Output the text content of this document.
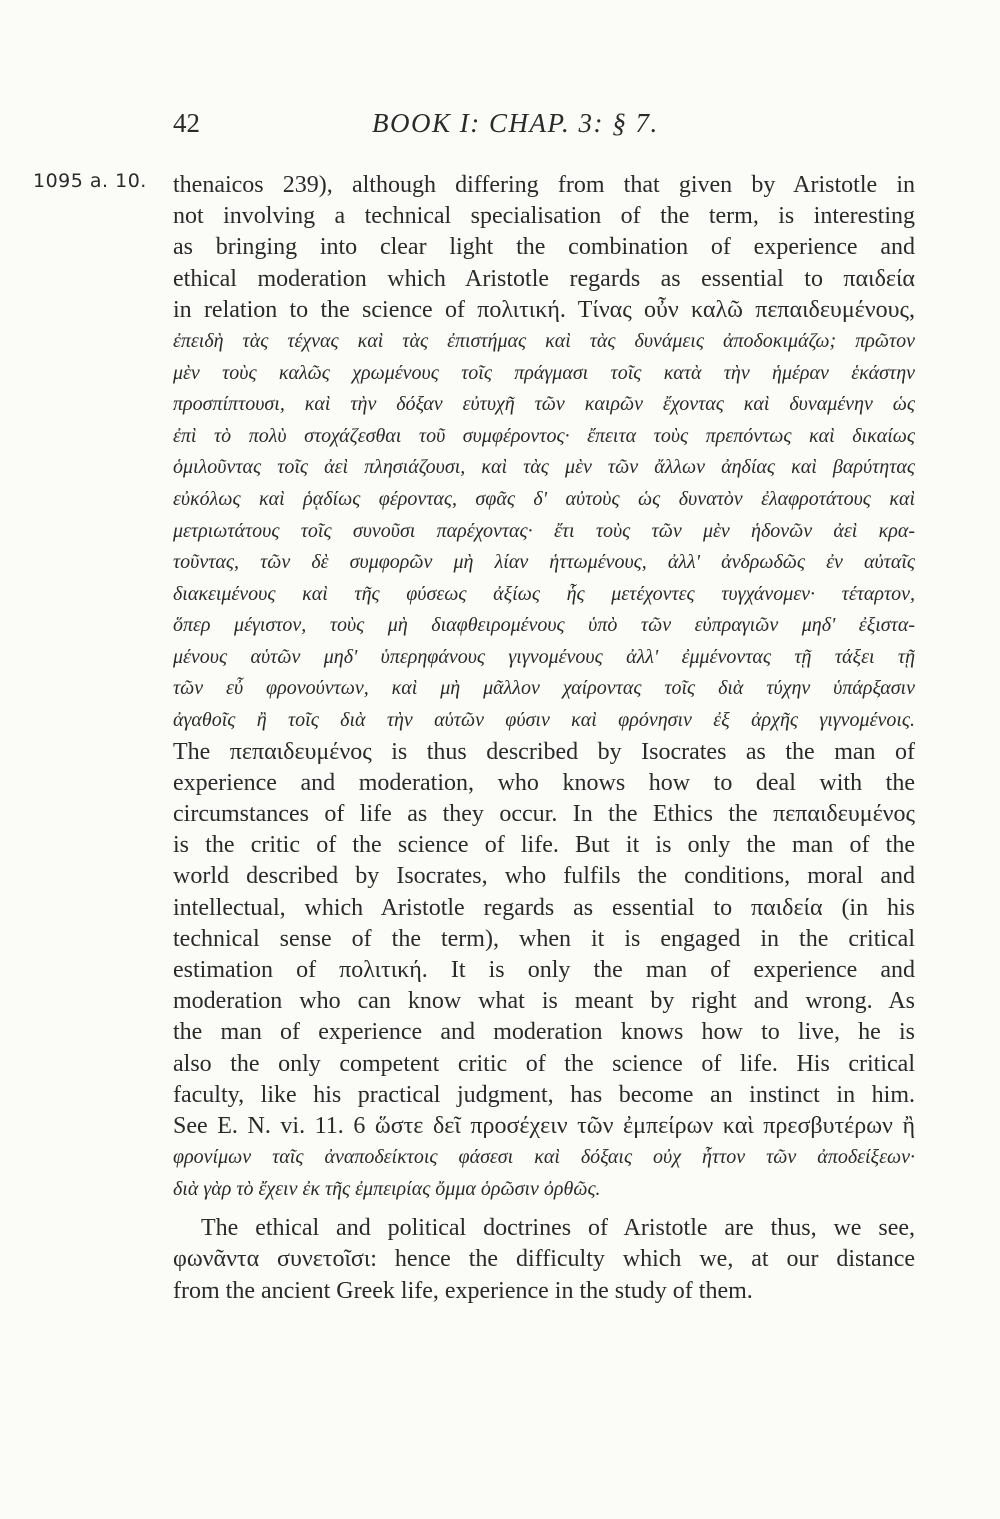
42	BOOK I: CHAP. 3: § 7.
1095 a. 10. thenaicos 239), although differing from that given by Aristotle in
not involving a technical specialisation of the term, is interesting
as bringing into clear light the combination of experience and
ethical moderation which Aristotle regards as essential to παιδεία
in relation to the science of πολιτική. Τίνας οὖν καλῶ πεπαιδευμένους,
ἐπειδὴ τὰς τέχνας καὶ τὰς ἐπιστήμας καὶ τὰς δυνάμεις ἀποδοκιμάζω; πρῶτον
μὲν τοὺς καλῶς χρωμένους τοῖς πράγμασι τοῖς κατὰ τὴν ἡμέραν ἑκάστην
προσπίπτουσι, καὶ τὴν δόξαν εὐτυχῆ τῶν καιρῶν ἔχοντας καὶ δυναμένην ὡς
ἐπὶ τὸ πολὺ στοχάζεσθαι τοῦ συμφέροντος· ἔπειτα τοὺς πρεπόντως καὶ δικαίως
ὁμιλοῦντας τοῖς ἀεὶ πλησιάζουσι, καὶ τὰς μὲν τῶν ἄλλων ἀηδίας καὶ βαρύτητας
εὐκόλως καὶ ῥᾳδίως φέροντας, σφᾶς δ' αὐτοὺς ὡς δυνατὸν ἐλαφροτάτους καὶ
μετριωτάτους τοῖς συνοῦσι παρέχοντας· ἔτι τοὺς τῶν μὲν ἡδονῶν ἀεὶ κρα-
τοῦντας, τῶν δὲ συμφορῶν μὴ λίαν ἡττωμένους, ἀλλ' ἀνδρωδῶς ἐν αὐταῖς
διακειμένους καὶ τῆς φύσεως ἀξίως ἧς μετέχοντες τυγχάνομεν· τέταρτον,
ὅπερ μέγιστον, τοὺς μὴ διαφθειρομένους ὑπὸ τῶν εὐπραγιῶν μηδ' ἐξιστα-
μένους αὑτῶν μηδ' ὑπερηφάνους γιγνομένους ἀλλ' ἐμμένοντας τῇ τάξει τῇ
τῶν εὖ φρονούντων, καὶ μὴ μᾶλλον χαίροντας τοῖς διὰ τύχην ὑπάρξασιν
ἀγαθοῖς ἢ τοῖς διὰ τὴν αὑτῶν φύσιν καὶ φρόνησιν ἐξ ἀρχῆς γιγνομένοις.
The πεπαιδευμένος is thus described by Isocrates as the man of
experience and moderation, who knows how to deal with the
circumstances of life as they occur. In the Ethics the πεπαιδευμένος
is the critic of the science of life. But it is only the man of the
world described by Isocrates, who fulfils the conditions, moral and
intellectual, which Aristotle regards as essential to παιδεία (in his
technical sense of the term), when it is engaged in the critical
estimation of πολιτική. It is only the man of experience and
moderation who can know what is meant by right and wrong. As
the man of experience and moderation knows how to live, he is
also the only competent critic of the science of life. His critical
faculty, like his practical judgment, has become an instinct in him.
See E. N. vi. 11. 6 ὥστε δεῖ προσέχειν τῶν ἐμπείρων καὶ πρεσβυτέρων ἢ
φρονίμων ταῖς ἀναποδείκτοις φάσεσι καὶ δόξαις οὐχ ἧττον τῶν ἀποδείξεων·
διὰ γὰρ τὸ ἔχειν ἐκ τῆς ἐμπειρίας ὄμμα ὁρῶσιν ὀρθῶς.
The ethical and political doctrines of Aristotle are thus, we see,
φωνᾶντα συνετοῖσι: hence the difficulty which we, at our distance
from the ancient Greek life, experience in the study of them.
